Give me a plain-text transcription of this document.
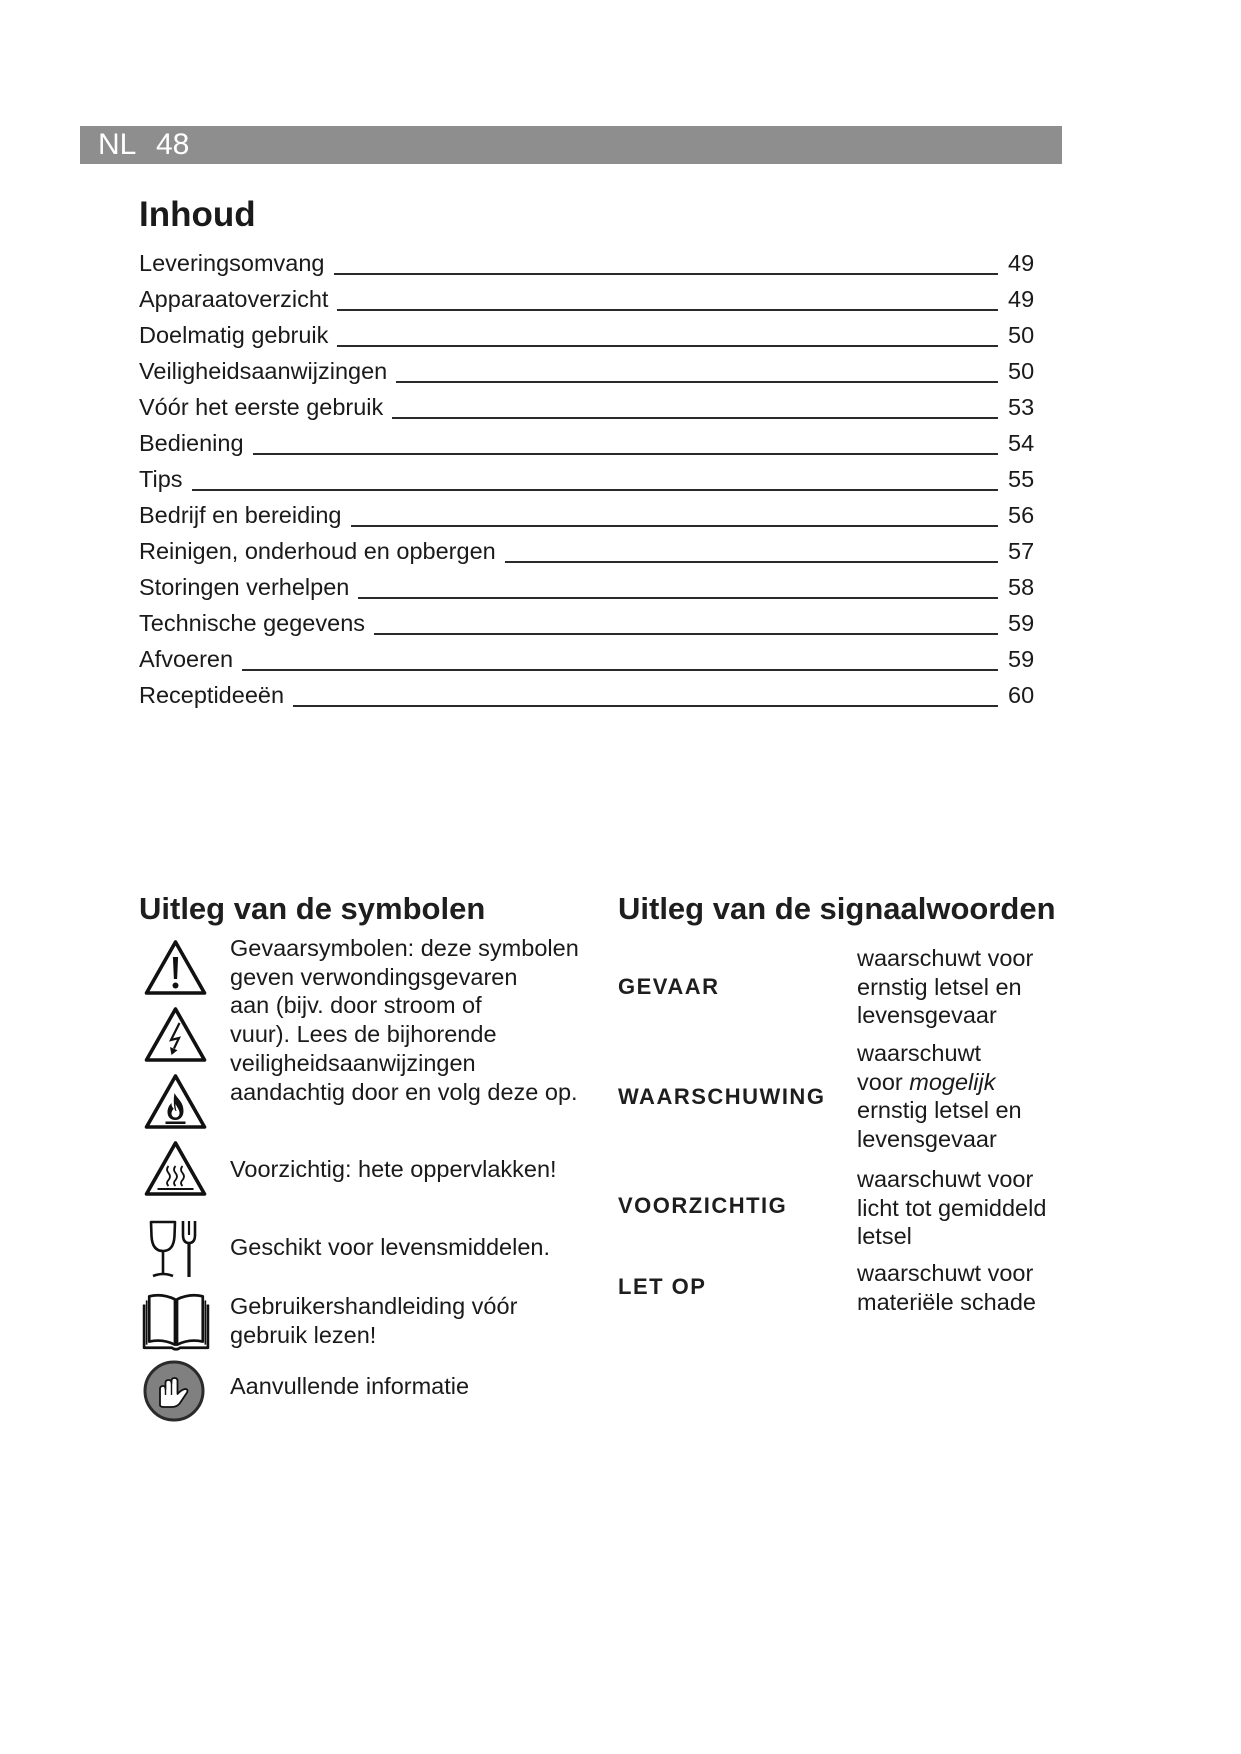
NL 48
Inhoud
Leveringsomvang	49
Apparaatoverzicht	49
Doelmatig gebruik	50
Veiligheidsaanwijzingen	50
Vóór het eerste gebruik	53
Bediening	54
Tips	55
Bedrijf en bereiding	56
Reinigen, onderhoud en opbergen	57
Storingen verhelpen	58
Technische gegevens	59
Afvoeren	59
Receptideeën	60
Uitleg van de symbolen
Gevaarsymbolen: deze symbolen
geven verwondingsgevaren
aan (bijv. door stroom of
vuur). Lees de bijhorende
veiligheidsaanwijzingen
aandachtig door en volg deze op.
Voorzichtig: hete oppervlakken!
Geschikt voor levensmiddelen.
Gebruikershandleiding vóór
gebruik lezen!
Aanvullende informatie
Uitleg van de signaalwoorden
GEVAAR
waarschuwt voor
ernstig letsel en
levensgevaar
WAARSCHUWING
waarschuwt
voor mogelijk
ernstig letsel en
levensgevaar
VOORZICHTIG
waarschuwt voor
licht tot gemiddeld
letsel
LET OP
waarschuwt voor
materiële schade
